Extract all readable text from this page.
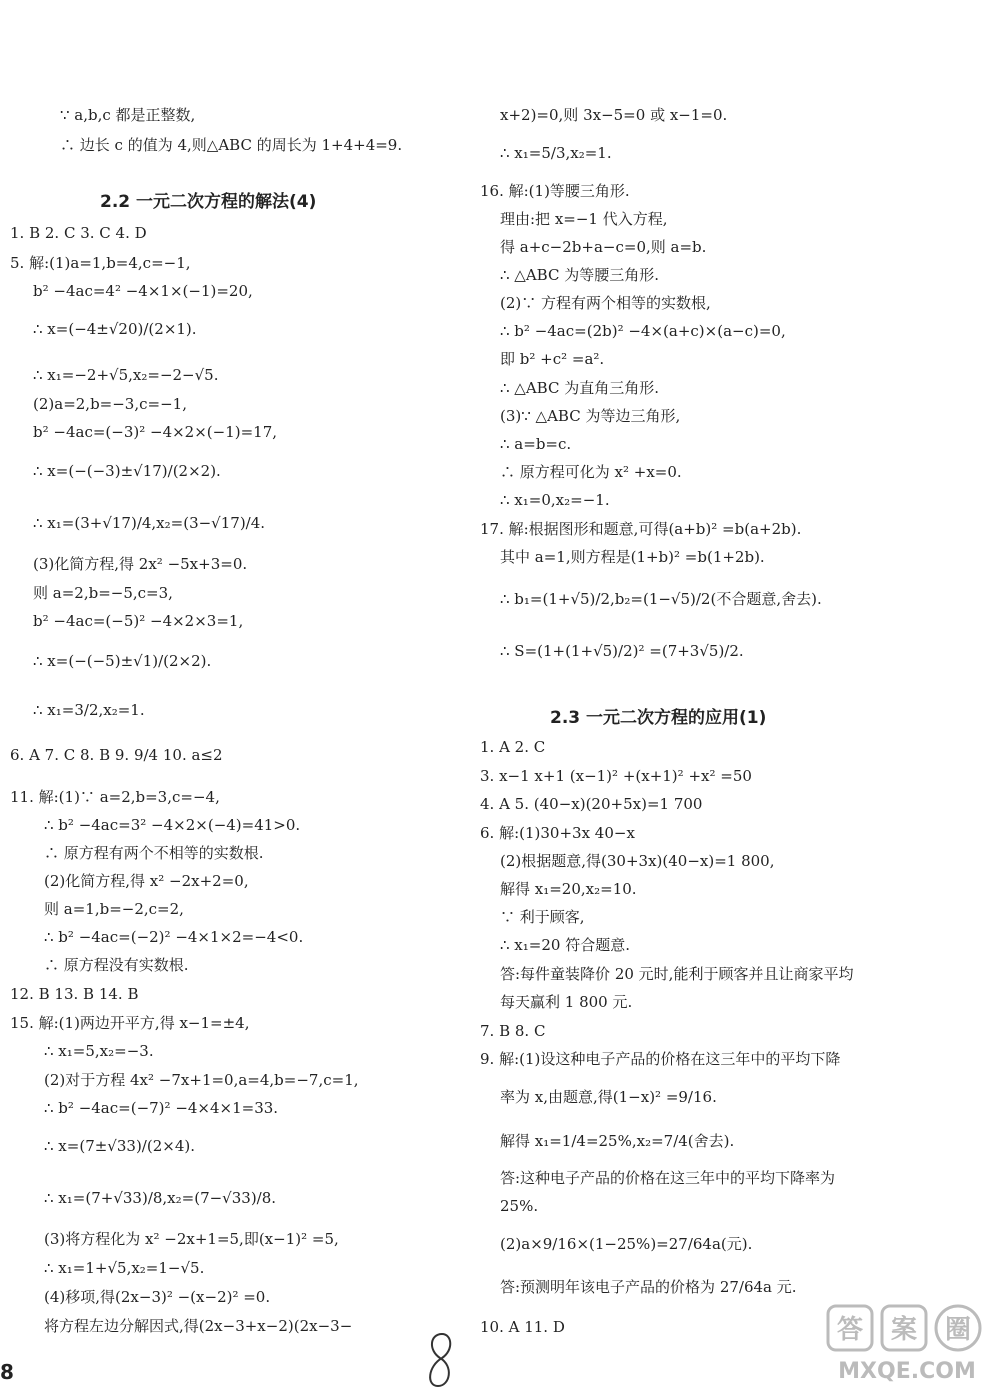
∵ a,b,c 都是正整数,
∴ 边长 c 的值为 4,则△ABC 的周长为 1+4+4=9.
2.2 一元二次方程的解法(4)
1. B 2. C 3. C 4. D
5. 解:(1)a=1,b=4,c=−1,
b² −4ac=4² −4×1×(−1)=20,
∴ x=(−4±√20)/(2×1).
∴ x₁=−2+√5,x₂=−2−√5.
(2)a=2,b=−3,c=−1,
b² −4ac=(−3)² −4×2×(−1)=17,
∴ x=(−(−3)±√17)/(2×2).
∴ x₁=(3+√17)/4,x₂=(3−√17)/4.
(3)化简方程,得 2x² −5x+3=0.
则 a=2,b=−5,c=3,
b² −4ac=(−5)² −4×2×3=1,
∴ x=(−(−5)±√1)/(2×2).
∴ x₁=3/2,x₂=1.
6. A 7. C 8. B 9. 9/4 10. a≤2
11. 解:(1)∵ a=2,b=3,c=−4,
∴ b² −4ac=3² −4×2×(−4)=41>0.
∴ 原方程有两个不相等的实数根.
(2)化简方程,得 x² −2x+2=0,
则 a=1,b=−2,c=2,
∴ b² −4ac=(−2)² −4×1×2=−4<0.
∴ 原方程没有实数根.
12. B 13. B 14. B
15. 解:(1)两边开平方,得 x−1=±4,
∴ x₁=5,x₂=−3.
(2)对于方程 4x² −7x+1=0,a=4,b=−7,c=1,
∴ b² −4ac=(−7)² −4×4×1=33.
∴ x=(7±√33)/(2×4).
∴ x₁=(7+√33)/8,x₂=(7−√33)/8.
(3)将方程化为 x² −2x+1=5,即(x−1)² =5,
∴ x₁=1+√5,x₂=1−√5.
(4)移项,得(2x−3)² −(x−2)² =0.
将方程左边分解因式,得(2x−3+x−2)(2x−3−
x+2)=0,则 3x−5=0 或 x−1=0.
∴ x₁=5/3,x₂=1.
16. 解:(1)等腰三角形.
理由:把 x=−1 代入方程,
得 a+c−2b+a−c=0,则 a=b.
∴ △ABC 为等腰三角形.
(2)∵ 方程有两个相等的实数根,
∴ b² −4ac=(2b)² −4×(a+c)×(a−c)=0,
即 b² +c² =a².
∴ △ABC 为直角三角形.
(3)∵ △ABC 为等边三角形,
∴ a=b=c.
∴ 原方程可化为 x² +x=0.
∴ x₁=0,x₂=−1.
17. 解:根据图形和题意,可得(a+b)² =b(a+2b).
其中 a=1,则方程是(1+b)² =b(1+2b).
∴ b₁=(1+√5)/2,b₂=(1−√5)/2(不合题意,舍去).
∴ S=(1+(1+√5)/2)² =(7+3√5)/2.
2.3 一元二次方程的应用(1)
1. A 2. C
3. x−1 x+1 (x−1)² +(x+1)² +x² =50
4. A 5. (40−x)(20+5x)=1 700
6. 解:(1)30+3x 40−x
(2)根据题意,得(30+3x)(40−x)=1 800,
解得 x₁=20,x₂=10.
∵ 利于顾客,
∴ x₁=20 符合题意.
答:每件童装降价 20 元时,能利于顾客并且让商家平均
每天赢利 1 800 元.
7. B 8. C
9. 解:(1)设这种电子产品的价格在这三年中的平均下降
率为 x,由题意,得(1−x)² =9/16.
解得 x₁=1/4=25%,x₂=7/4(舍去).
答:这种电子产品的价格在这三年中的平均下降率为
25%.
(2)a×9/16×(1−25%)=27/64a(元).
答:预测明年该电子产品的价格为 27/64a 元.
10. A 11. D
8
答 案 圈
MXQE.COM
